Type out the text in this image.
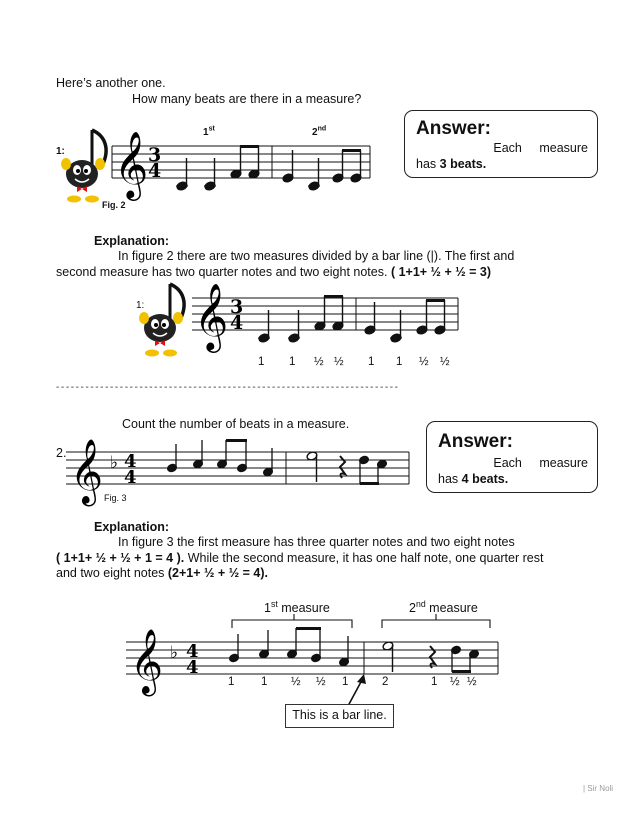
Here’s another one.
How many beats are there in a measure?
1: 𝄞 3
4
1st	2nd
Fig. 2
Answer:
Each measure
has 3 beats.
Explanation:
In figure 2 there are two measures divided by a bar line (|). The first and
second measure has two quarter notes and two eight notes. ( 1+1+ ½ + ½ = 3)
1: 𝄞 3
4
1 1 ½ ½ 1 1 ½ ½
- - - - - - - - - - - - - - - - - - - - - - - - - - - - - - - - - - - - - - - - - - - - - - - - - - - - - - - - - - - - - - - - - - - - - -
Count the number of beats in a measure.
2. 𝄞 ♭ 4
4
Fig. 3
Answer:
Each measure
has 4 beats.
Explanation:
In figure 3 the first measure has three quarter notes and two eight notes
( 1+1+ ½ + ½ + 1 = 4 ). While the second measure, it has one half note, one quarter rest
and two eight notes (2+1+ ½ + ½ = 4).
1st measure	2nd measure
𝄞 ♭ 4
4
1 1 ½ ½ 1	2	1 ½ ½
This is a bar line.
| Sir Noli
